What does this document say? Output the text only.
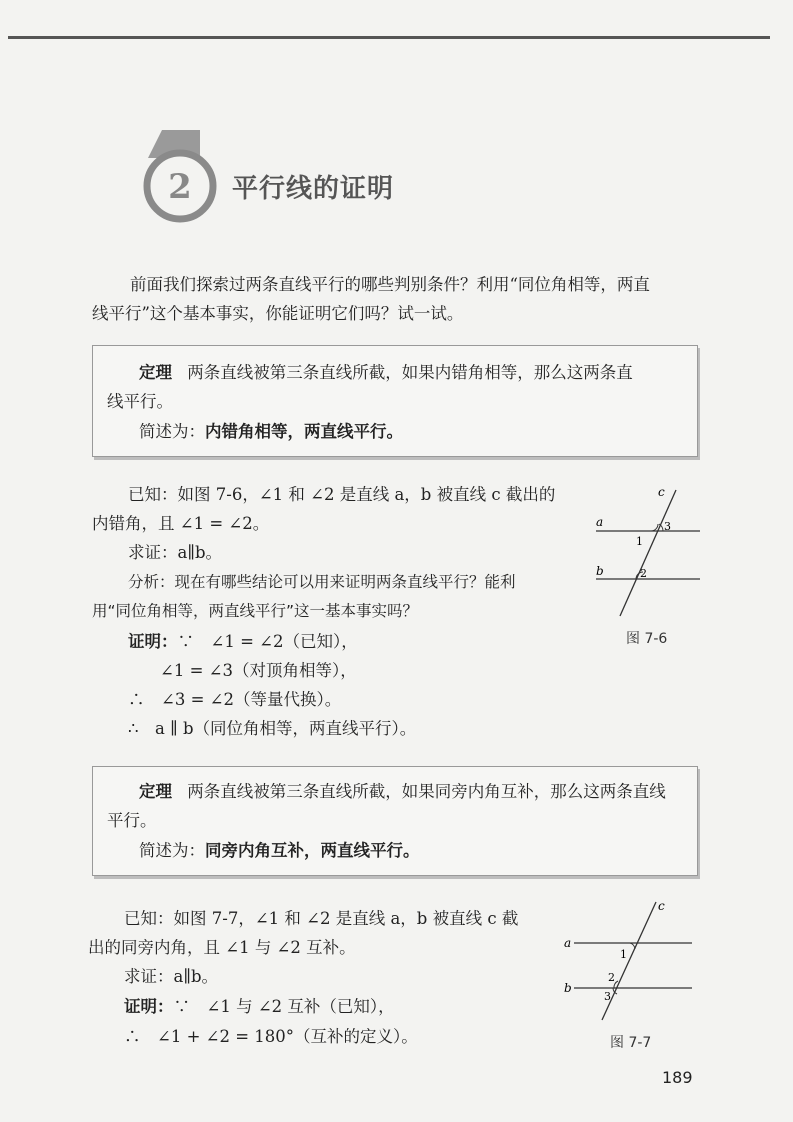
2 平行线的证明
前面我们探索过两条直线平行的哪些判别条件？利用“同位角相等，两直
线平行”这个基本事实，你能证明它们吗？试一试。
定理 两条直线被第三条直线所截，如果内错角相等，那么这两条直
线平行。
简述为：内错角相等，两直线平行。
已知：如图 7-6，∠1 和 ∠2 是直线 a，b 被直线 c 截出的
内错角，且 ∠1 = ∠2。
求证：a∥b。
分析：现在有哪些结论可以用来证明两条直线平行？能利
用“同位角相等，两直线平行”这一基本事实吗？
证明：∵　∠1 = ∠2（已知），
∠1 = ∠3（对顶角相等），
∴　∠3 = ∠2（等量代换）。
∴　a ∥ b（同位角相等，两直线平行）。
a
b
c
1
3
2
图 7-6
定理 两条直线被第三条直线所截，如果同旁内角互补，那么这两条直线
平行。
简述为：同旁内角互补，两直线平行。
已知：如图 7-7，∠1 和 ∠2 是直线 a，b 被直线 c 截
出的同旁内角，且 ∠1 与 ∠2 互补。
求证：a∥b。
证明：∵　∠1 与 ∠2 互补（已知），
∴　∠1 + ∠2 = 180°（互补的定义）。
a
b
c
1
2
3
图 7-7
189
